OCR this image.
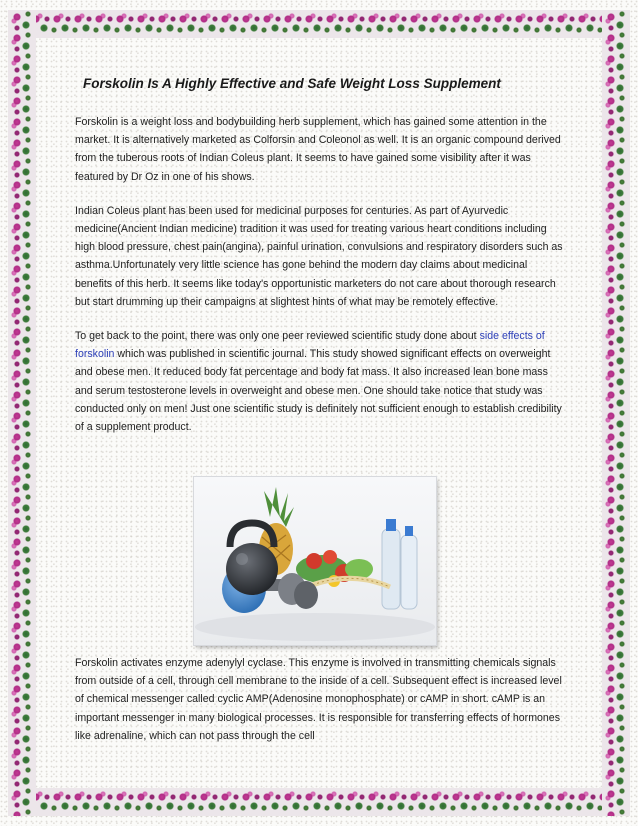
Forskolin Is A Highly Effective and Safe Weight Loss Supplement

Forskolin is a weight loss and bodybuilding herb supplement, which has gained some attention in the market. It is alternatively marketed as Colforsin and Coleonol as well. It is an organic compound derived from the tuberous roots of Indian Coleus plant. It seems to have gained some visibility after it was featured by Dr Oz in one of his shows.

Indian Coleus plant has been used for medicinal purposes for centuries. As part of Ayurvedic medicine(Ancient Indian medicine) tradition it was used for treating various heart conditions including high blood pressure, chest pain(angina), painful urination, convulsions and respiratory disorders such as asthma.Unfortunately very little science has gone behind the modern day claims about medicinal benefits of this herb. It seems like today's opportunistic marketers do not care about thorough research but start drumming up their campaigns at slightest hints of what may be remotely effective.

To get back to the point, there was only one peer reviewed scientific study done about side effects of forskolin which was published in scientific journal. This study showed significant effects on overweight and obese men. It reduced body fat percentage and body fat mass. It also increased lean bone mass and serum testosterone levels in overweight and obese men. One should take notice that study was conducted only on men! Just one scientific study is definitely not sufficient enough to establish credibility of a supplement product.

Forskolin activates enzyme adenylyl cyclase. This enzyme is involved in transmitting chemicals signals from outside of a cell, through cell membrane to the inside of a cell. Subsequent effect is increased level of chemical messenger called cyclic AMP(Adenosine monophosphate) or cAMP in short. cAMP is an important messenger in many biological processes. It is responsible for transferring effects of hormones like adrenaline, which can not pass through the cell
